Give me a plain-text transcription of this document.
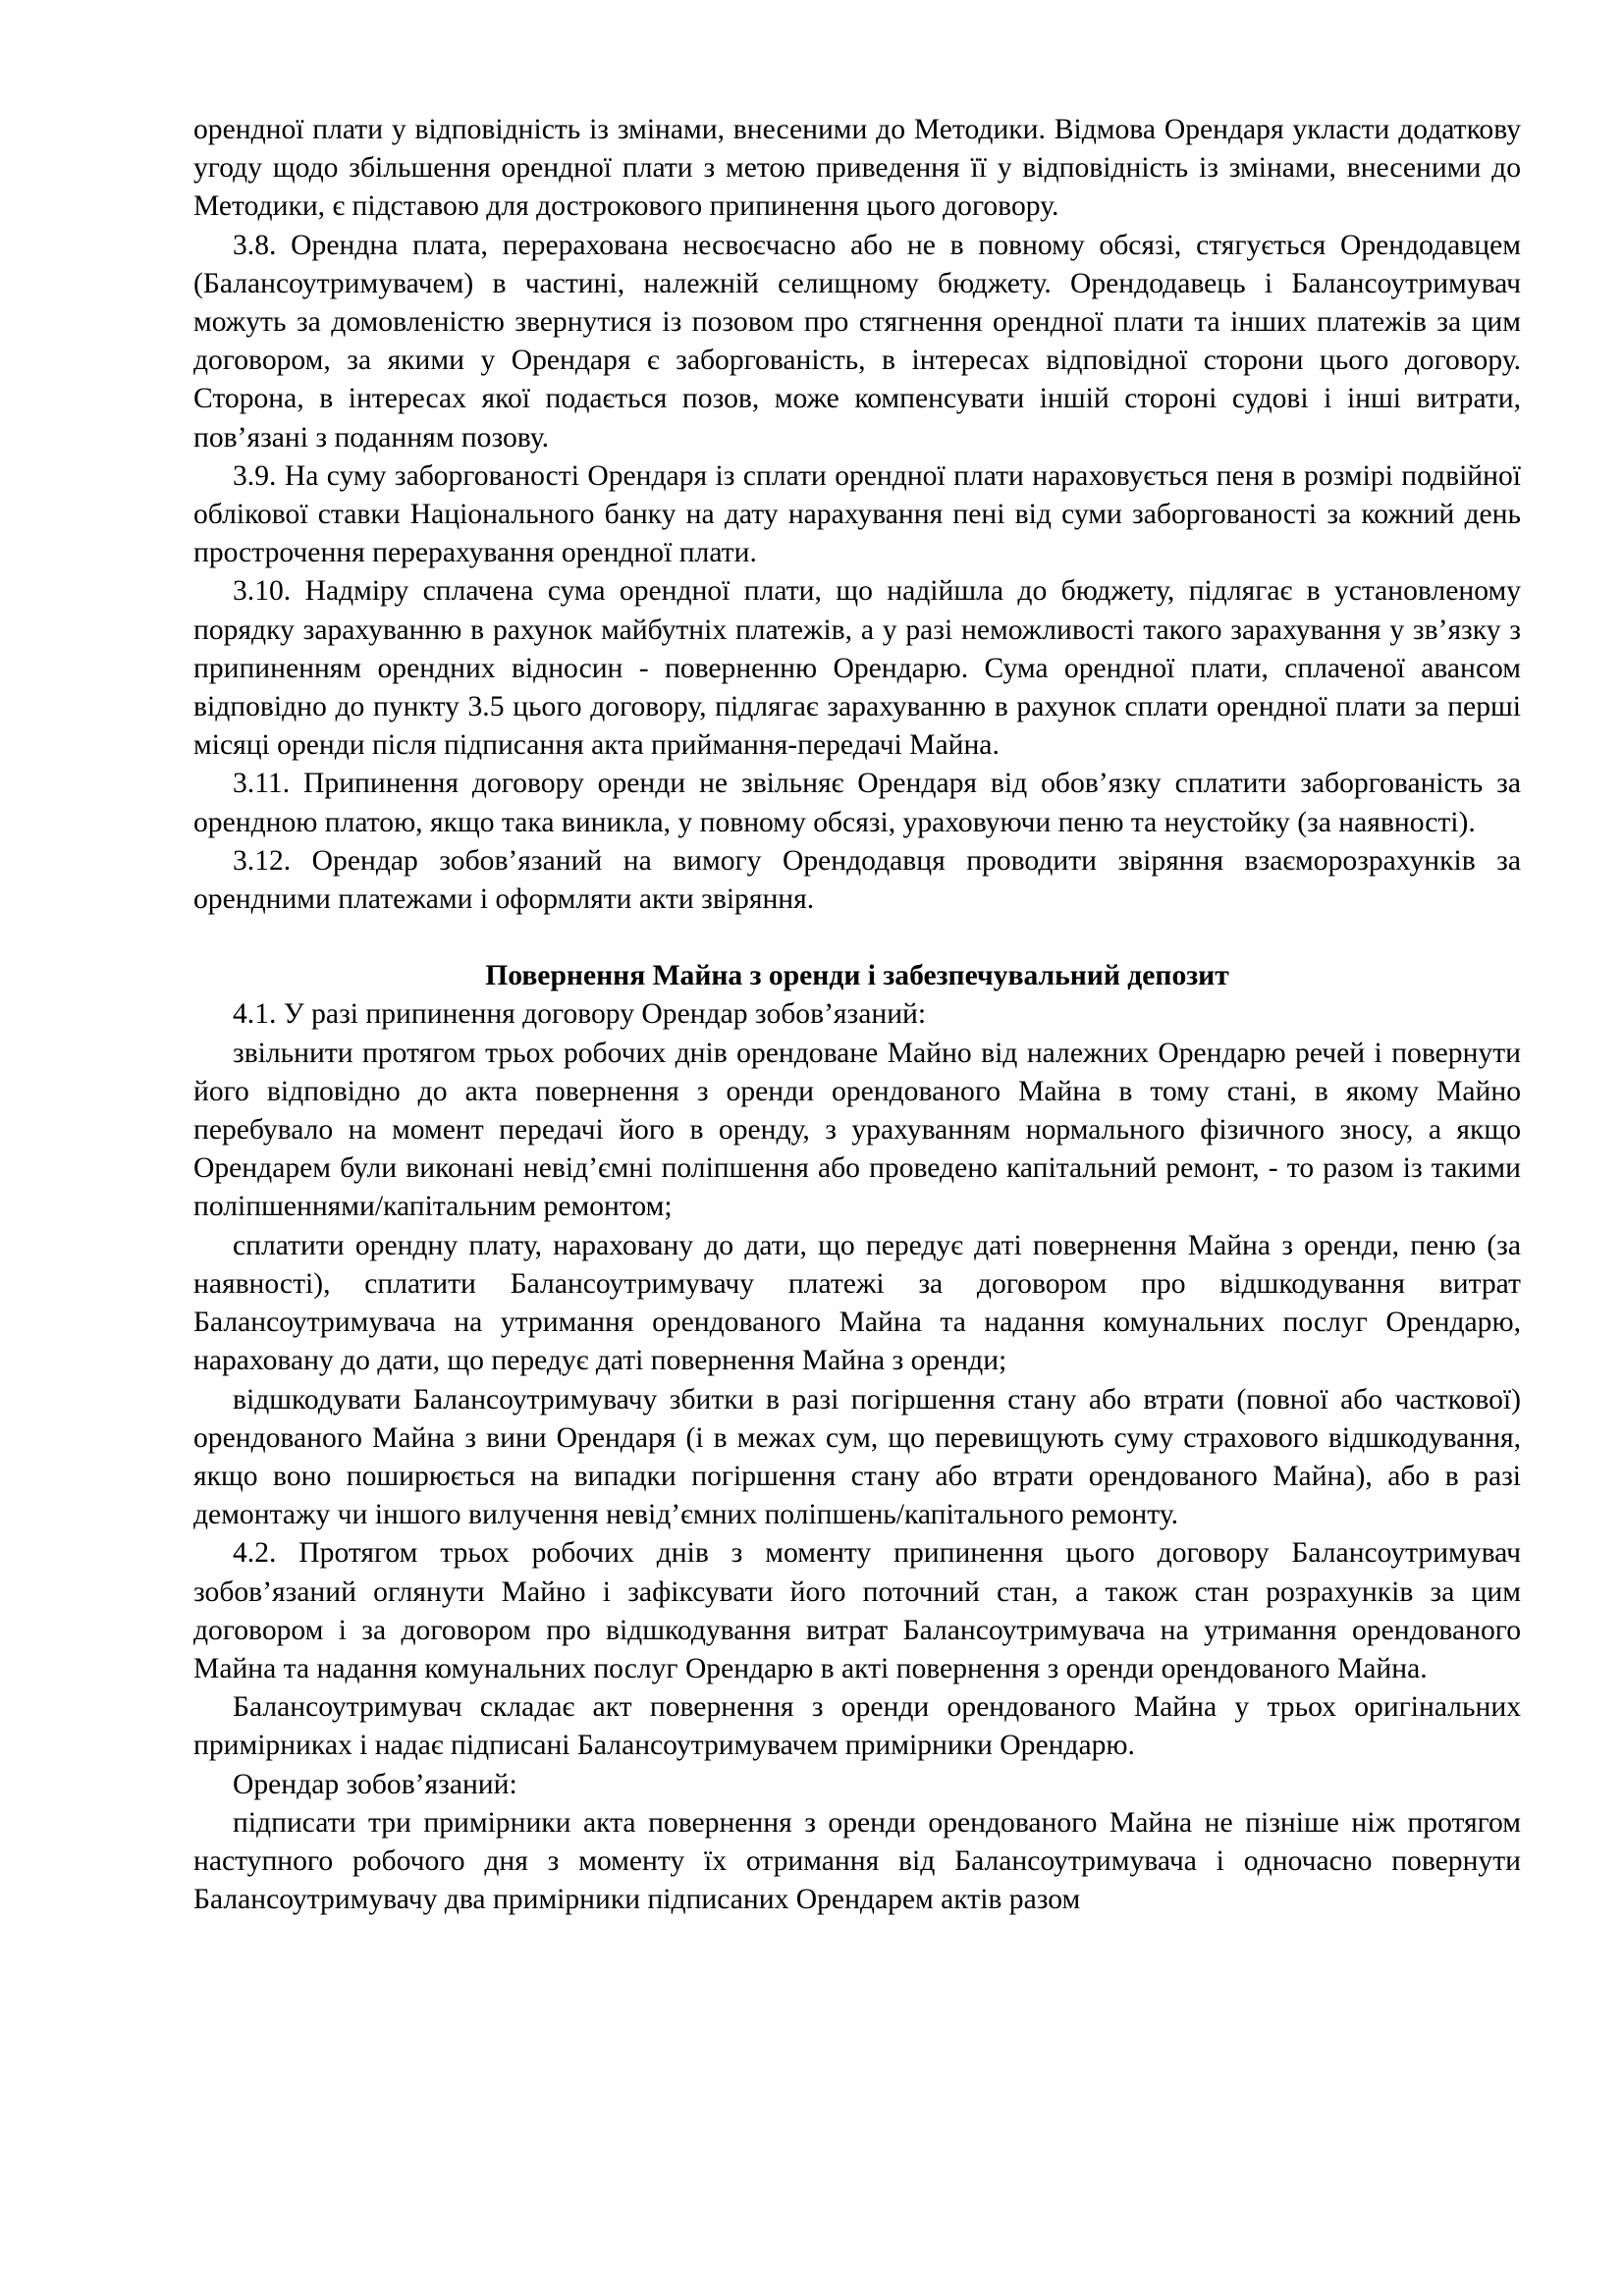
орендної плати у відповідність із змінами, внесеними до Методики. Відмова Орендаря укласти додаткову угоду щодо збільшення орендної плати з метою приведення її у відповідність із змінами, внесеними до Методики, є підставою для дострокового припинення цього договору.

3.8. Орендна плата, перерахована несвоєчасно або не в повному обсязі, стягується Орендодавцем (Балансоутримувачем) в частині, належній селищному бюджету. Орендодавець і Балансоутримувач можуть за домовленістю звернутися із позовом про стягнення орендної плати та інших платежів за цим договором, за якими у Орендаря є заборгованість, в інтересах відповідної сторони цього договору. Сторона, в інтересах якої подається позов, може компенсувати іншій стороні судові і інші витрати, пов’язані з поданням позову.

3.9. На суму заборгованості Орендаря із сплати орендної плати нараховується пеня в розмірі подвійної облікової ставки Національного банку на дату нарахування пені від суми заборгованості за кожний день прострочення перерахування орендної плати.

3.10. Надміру сплачена сума орендної плати, що надійшла до бюджету, підлягає в установленому порядку зарахуванню в рахунок майбутніх платежів, а у разі неможливості такого зарахування у зв’язку з припиненням орендних відносин - поверненню Орендарю. Сума орендної плати, сплаченої авансом відповідно до пункту 3.5 цього договору, підлягає зарахуванню в рахунок сплати орендної плати за перші місяці оренди після підписання акта приймання-передачі Майна.

3.11. Припинення договору оренди не звільняє Орендаря від обов’язку сплатити заборгованість за орендною платою, якщо така виникла, у повному обсязі, ураховуючи пеню та неустойку (за наявності).

3.12. Орендар зобов’язаний на вимогу Орендодавця проводити звіряння взаєморозрахунків за орендними платежами і оформляти акти звіряння.

Повернення Майна з оренди і забезпечувальний депозит

4.1. У разі припинення договору Орендар зобов’язаний:

звільнити протягом трьох робочих днів орендоване Майно від належних Орендарю речей і повернути його відповідно до акта повернення з оренди орендованого Майна в тому стані, в якому Майно перебувало на момент передачі його в оренду, з урахуванням нормального фізичного зносу, а якщо Орендарем були виконані невід’ємні поліпшення або проведено капітальний ремонт, - то разом із такими поліпшеннями/капітальним ремонтом;

сплатити орендну плату, нараховану до дати, що передує даті повернення Майна з оренди, пеню (за наявності), сплатити Балансоутримувачу платежі за договором про відшкодування витрат Балансоутримувача на утримання орендованого Майна та надання комунальних послуг Орендарю, нараховану до дати, що передує даті повернення Майна з оренди;

відшкодувати Балансоутримувачу збитки в разі погіршення стану або втрати (повної або часткової) орендованого Майна з вини Орендаря (і в межах сум, що перевищують суму страхового відшкодування, якщо воно поширюється на випадки погіршення стану або втрати орендованого Майна), або в разі демонтажу чи іншого вилучення невід’ємних поліпшень/капітального ремонту.

4.2. Протягом трьох робочих днів з моменту припинення цього договору Балансоутримувач зобов’язаний оглянути Майно і зафіксувати його поточний стан, а також стан розрахунків за цим договором і за договором про відшкодування витрат Балансоутримувача на утримання орендованого Майна та надання комунальних послуг Орендарю в акті повернення з оренди орендованого Майна.

Балансоутримувач складає акт повернення з оренди орендованого Майна у трьох оригінальних примірниках і надає підписані Балансоутримувачем примірники Орендарю.

Орендар зобов’язаний:

підписати три примірники акта повернення з оренди орендованого Майна не пізніше ніж протягом наступного робочого дня з моменту їх отримання від Балансоутримувача і одночасно повернути Балансоутримувачу два примірники підписаних Орендарем актів разом
